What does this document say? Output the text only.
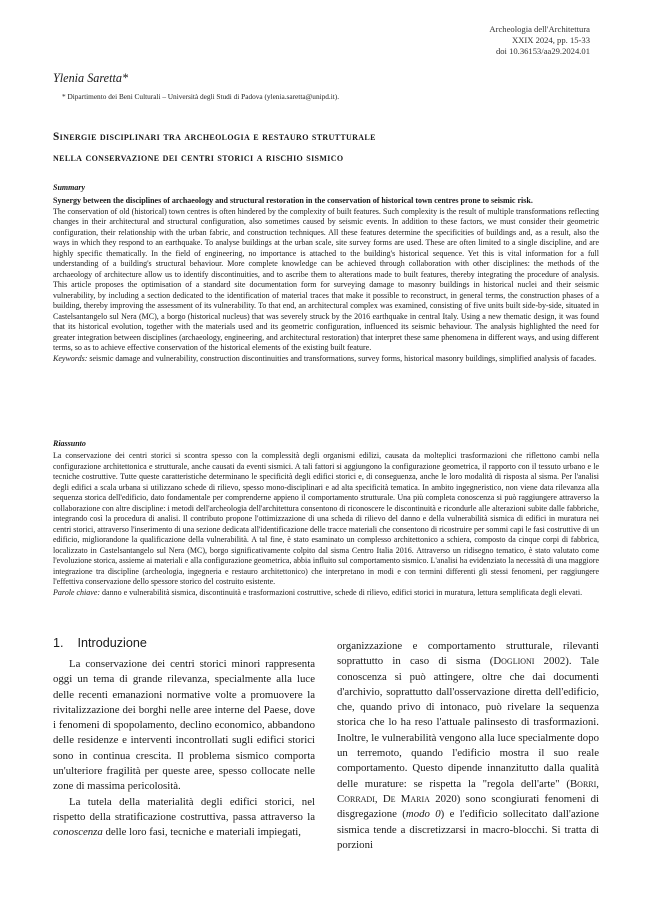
Archeologia dell'Architettura
XXIX 2024, pp. 15-33
doi 10.36153/aa29.2024.01
Ylenia Saretta*
* Dipartimento dei Beni Culturali – Università degli Studi di Padova (ylenia.saretta@unipd.it).
Sinergie disciplinari tra archeologia e restauro strutturale
nella conservazione dei centri storici a rischio sismico
Summary

Synergy between the disciplines of archaeology and structural restoration in the conservation of historical town centres prone to seismic risk.

The conservation of old (historical) town centres is often hindered by the complexity of built features. Such complexity is the result of multiple transformations reflecting changes in their architectural and structural configuration, also sometimes caused by seismic events. In addition to these factors, we must consider their geometric configuration, their relationship with the urban fabric, and construction techniques. All these features determine the specificities of buildings and, as a result, also the ways in which they respond to an earthquake. To analyse buildings at the urban scale, site survey forms are used. These are often limited to a single discipline, and are highly specific thematically. In the field of engineering, no importance is attached to the building's historical sequence. Yet this is vital information for a full understanding of a building's structural behaviour. More complete knowledge can be achieved through collaboration with other disciplines: the methods of the archaeology of architecture allow us to identify discontinuities, and to ascribe them to alterations made to built features, thereby integrating the procedure of analysis. This article proposes the optimisation of a standard site documentation form for surveying damage to masonry buildings in historical nuclei and their seismic vulnerability, by including a section dedicated to the identification of material traces that make it possible to reconstruct, in general terms, the construction phases of a building, thereby improving the assessment of its vulnerability. To that end, an architectural complex was examined, consisting of five units built side-by-side, situated in Castelsantangelo sul Nera (MC), a borgo (historical nucleus) that was severely struck by the 2016 earthquake in central Italy. Using a new thematic design, it was found that its historical evolution, together with the materials used and its geometric configuration, influenced its seismic behaviour. The analysis highlighted the need for greater integration between disciplines (archaeology, engineering, and architectural restoration) that interpret these same phenomena in different ways, and using different terms, so as to achieve effective conservation of the historical elements of the existing built feature.

Keywords: seismic damage and vulnerability, construction discontinuities and transformations, survey forms, historical masonry buildings, simplified analysis of facades.

Riassunto

La conservazione dei centri storici si scontra spesso con la complessità degli organismi edilizi, causata da molteplici trasformazioni che riflettono cambi nella configurazione architettonica e strutturale, anche causati da eventi sismici. A tali fattori si aggiungono la configurazione geometrica, il rapporto con il tessuto urbano e le tecniche costruttive. Tutte queste caratteristiche determinano le specificità degli edifici storici e, di conseguenza, anche le loro modalità di risposta al sisma. Per l'analisi degli edifici a scala urbana si utilizzano schede di rilievo, spesso mono-disciplinari e ad alta specificità tematica. In ambito ingegneristico, non viene data rilevanza alla sequenza storica dell'edificio, dato fondamentale per comprenderne appieno il comportamento strutturale. Una più completa conoscenza si può raggiungere attraverso la collaborazione con altre discipline: i metodi dell'archeologia dell'architettura consentono di riconoscere le discontinuità e ricondurle alle alterazioni subite dalle fabbriche, integrando così la procedura di analisi. Il contributo propone l'ottimizzazione di una scheda di rilievo del danno e della vulnerabilità sismica di edifici in muratura nei centri storici, attraverso l'inserimento di una sezione dedicata all'identificazione delle tracce materiali che consentono di ricostruire per sommi capi le fasi costruttive di un edificio, migliorandone la qualificazione della vulnerabilità. A tal fine, è stato esaminato un complesso architettonico a schiera, composto da cinque corpi di fabbrica, localizzato in Castelsantangelo sul Nera (MC), borgo significativamente colpito dal sisma Centro Italia 2016. Attraverso un ridisegno tematico, è stato valutato come l'evoluzione storica, assieme ai materiali e alla configurazione geometrica, abbia influito sul comportamento sismico. L'analisi ha evidenziato la necessità di una maggiore integrazione tra discipline (archeologia, ingegneria e restauro architettonico) che interpretano in modi e con termini differenti gli stessi fenomeni, per raggiungere l'effettiva conservazione dello spessore storico del costruito esistente.

Parole chiave: danno e vulnerabilità sismica, discontinuità e trasformazioni costruttive, schede di rilievo, edifici storici in muratura, lettura semplificata degli elevati.

1. Introduzione

La conservazione dei centri storici minori rappresenta oggi un tema di grande rilevanza, specialmente alla luce delle recenti emanazioni normative volte a promuovere la rivitalizzazione dei borghi nelle aree interne del Paese, dove i fenomeni di spopolamento, declino economico, abbandono delle residenze e interventi incontrollati sugli edifici storici sono in continua crescita. Il problema sismico comporta un'ulteriore fragilità per queste aree, spesso collocate nelle zone di massima pericolosità.

La tutela della materialità degli edifici storici, nel rispetto della stratificazione costruttiva, passa attraverso la conoscenza delle loro fasi, tecniche e materiali impiegati,

organizzazione e comportamento strutturale, rilevanti soprattutto in caso di sisma (Doglioni 2002). Tale conoscenza si può attingere, oltre che dai documenti d'archivio, soprattutto dall'osservazione diretta dell'edificio, che, quando privo di intonaco, può rivelare la sequenza storica che lo ha reso l'attuale palinsesto di trasformazioni. Inoltre, le vulnerabilità vengono alla luce specialmente dopo un terremoto, quando l'edificio mostra il suo reale comportamento. Questo dipende innanzitutto dalla qualità delle murature: se rispetta la "regola dell'arte" (Borri, Corradi, De Maria 2020) sono scongiurati fenomeni di disgregazione (modo 0) e l'edificio sollecitato dall'azione sismica tende a discretizzarsi in macro-blocchi. Si tratta di porzioni
